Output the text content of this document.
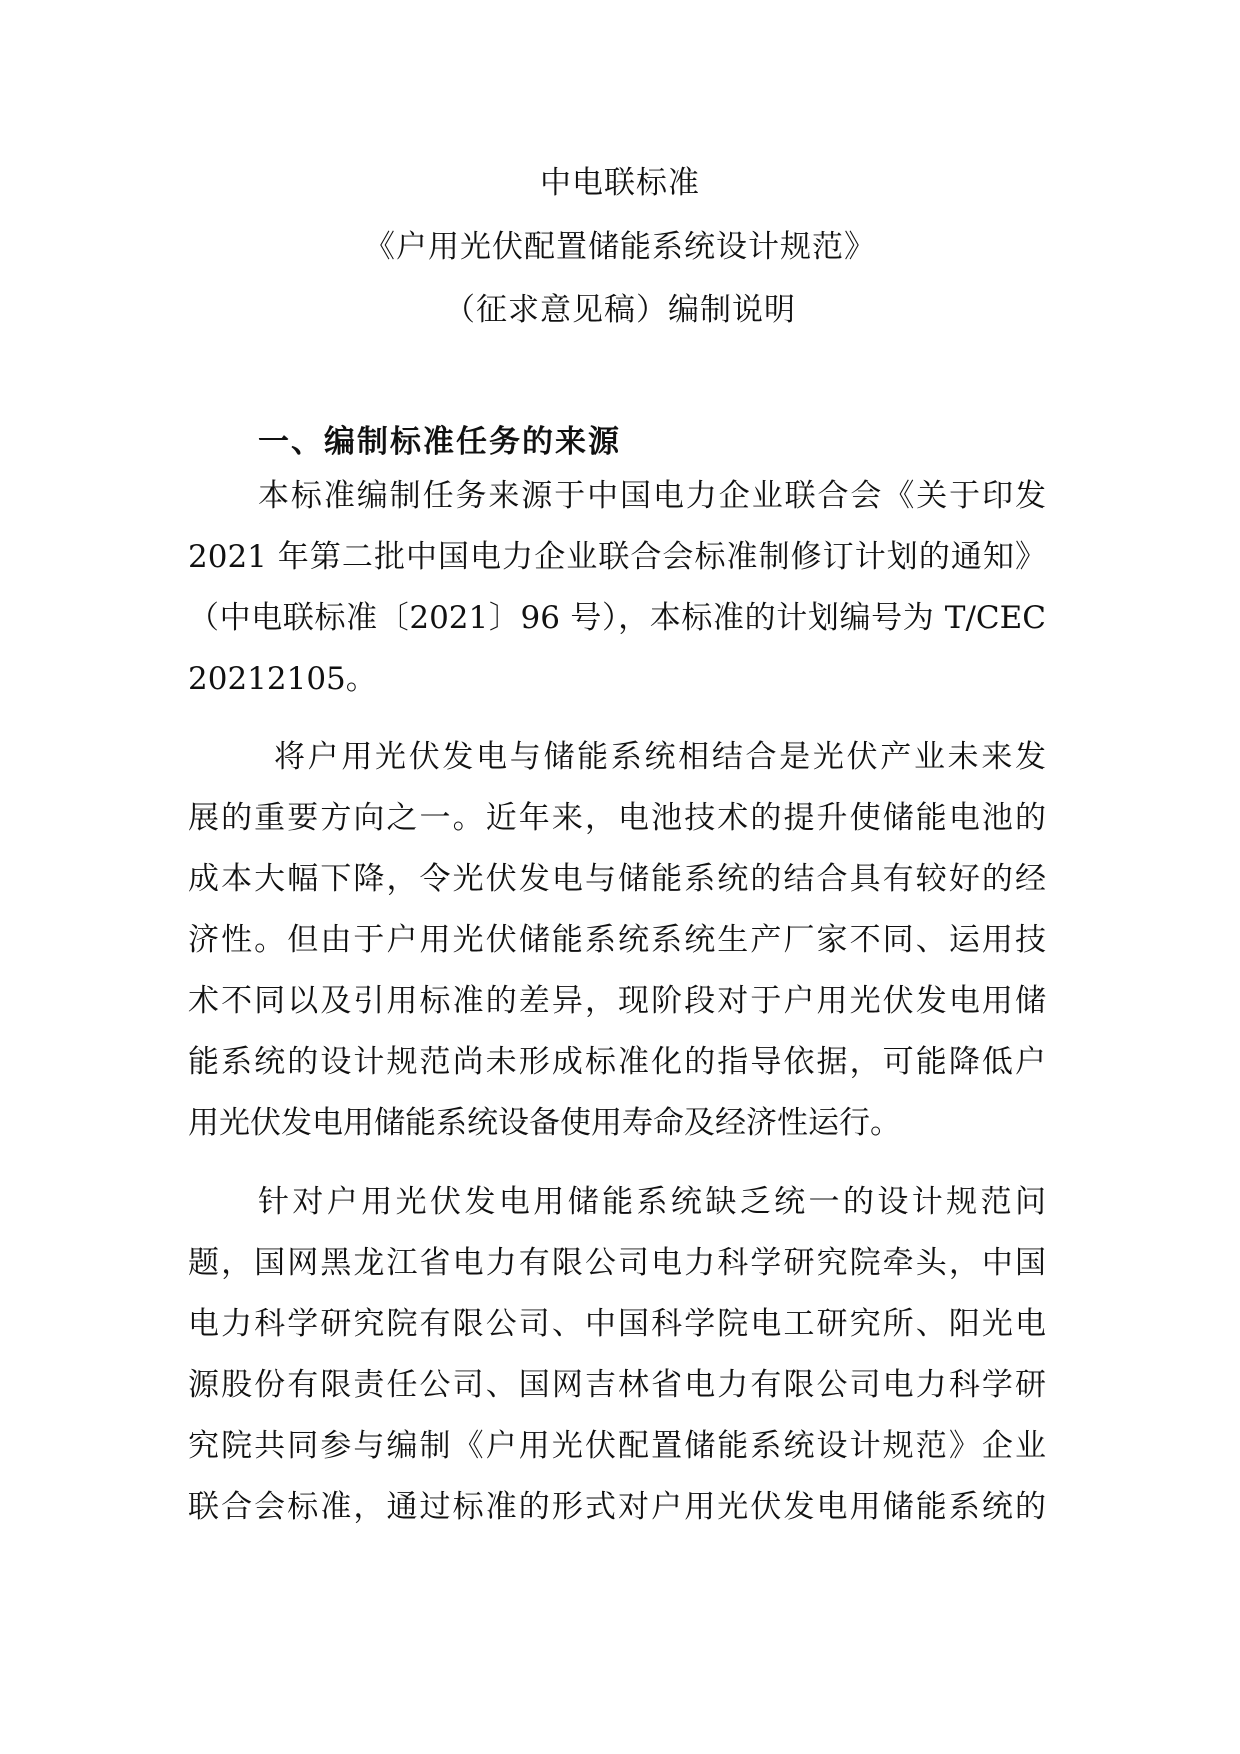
中电联标准
《户用光伏配置储能系统设计规范》
（征求意见稿）编制说明
一、编制标准任务的来源
本标准编制任务来源于中国电力企业联合会《关于印发
2021 年第二批中国电力企业联合会标准制修订计划的通知》
（中电联标准〔2021〕96 号），本标准的计划编号为 T/CEC
20212105。
将户用光伏发电与储能系统相结合是光伏产业未来发
展的重要方向之一。近年来，电池技术的提升使储能电池的
成本大幅下降，令光伏发电与储能系统的结合具有较好的经
济性。但由于户用光伏储能系统系统生产厂家不同、运用技
术不同以及引用标准的差异，现阶段对于户用光伏发电用储
能系统的设计规范尚未形成标准化的指导依据，可能降低户
用光伏发电用储能系统设备使用寿命及经济性运行。
针对户用光伏发电用储能系统缺乏统一的设计规范问
题，国网黑龙江省电力有限公司电力科学研究院牵头，中国
电力科学研究院有限公司、中国科学院电工研究所、阳光电
源股份有限责任公司、国网吉林省电力有限公司电力科学研
究院共同参与编制《户用光伏配置储能系统设计规范》企业
联合会标准，通过标准的形式对户用光伏发电用储能系统的
